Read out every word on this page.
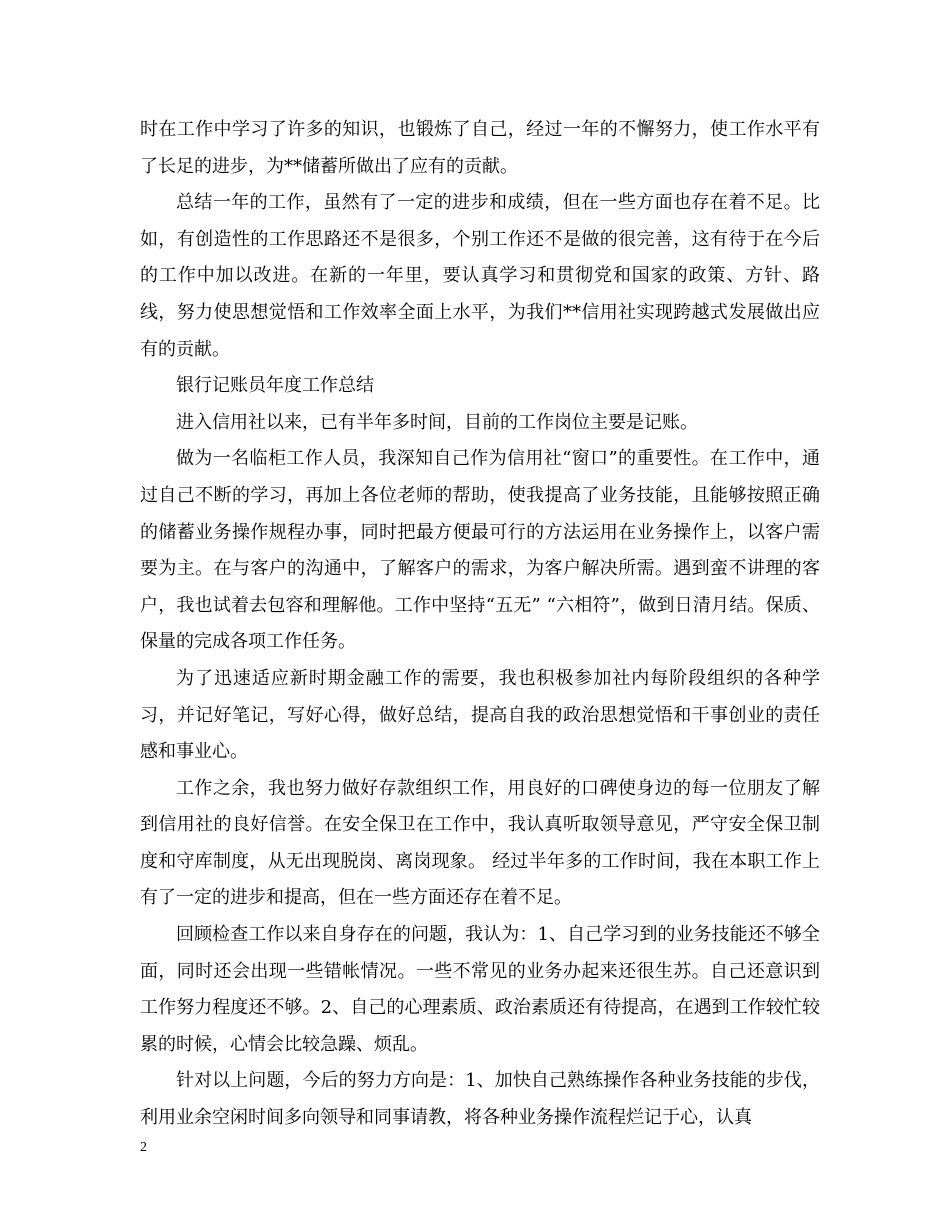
时在工作中学习了许多的知识，也锻炼了自己，经过一年的不懈努力，使工作水平有了长足的进步，为**储蓄所做出了应有的贡献。

总结一年的工作，虽然有了一定的进步和成绩，但在一些方面也存在着不足。比如，有创造性的工作思路还不是很多，个别工作还不是做的很完善，这有待于在今后的工作中加以改进。在新的一年里，要认真学习和贯彻党和国家的政策、方针、路线，努力使思想觉悟和工作效率全面上水平，为我们**信用社实现跨越式发展做出应有的贡献。

银行记账员年度工作总结

进入信用社以来，已有半年多时间，目前的工作岗位主要是记账。

做为一名临柜工作人员，我深知自己作为信用社“窗口”的重要性。在工作中，通过自己不断的学习，再加上各位老师的帮助，使我提高了业务技能，且能够按照正确的储蓄业务操作规程办事，同时把最方便最可行的方法运用在业务操作上，以客户需要为主。在与客户的沟通中，了解客户的需求，为客户解决所需。遇到蛮不讲理的客户，我也试着去包容和理解他。工作中坚持“五无” “六相符”，做到日清月结。保质、保量的完成各项工作任务。

为了迅速适应新时期金融工作的需要，我也积极参加社内每阶段组织的各种学习，并记好笔记，写好心得，做好总结，提高自我的政治思想觉悟和干事创业的责任感和事业心。

工作之余，我也努力做好存款组织工作，用良好的口碑使身边的每一位朋友了解到信用社的良好信誉。在安全保卫在工作中，我认真听取领导意见，严守安全保卫制度和守库制度，从无出现脱岗、离岗现象。 经过半年多的工作时间，我在本职工作上有了一定的进步和提高，但在一些方面还存在着不足。

回顾检查工作以来自身存在的问题，我认为：1、自己学习到的业务技能还不够全面，同时还会出现一些错帐情况。一些不常见的业务办起来还很生苏。自己还意识到工作努力程度还不够。2、自己的心理素质、政治素质还有待提高，在遇到工作较忙较累的时候，心情会比较急躁、烦乱。

针对以上问题，今后的努力方向是：1、加快自己熟练操作各种业务技能的步伐，利用业余空闲时间多向领导和同事请教，将各种业务操作流程烂记于心，认真

2
